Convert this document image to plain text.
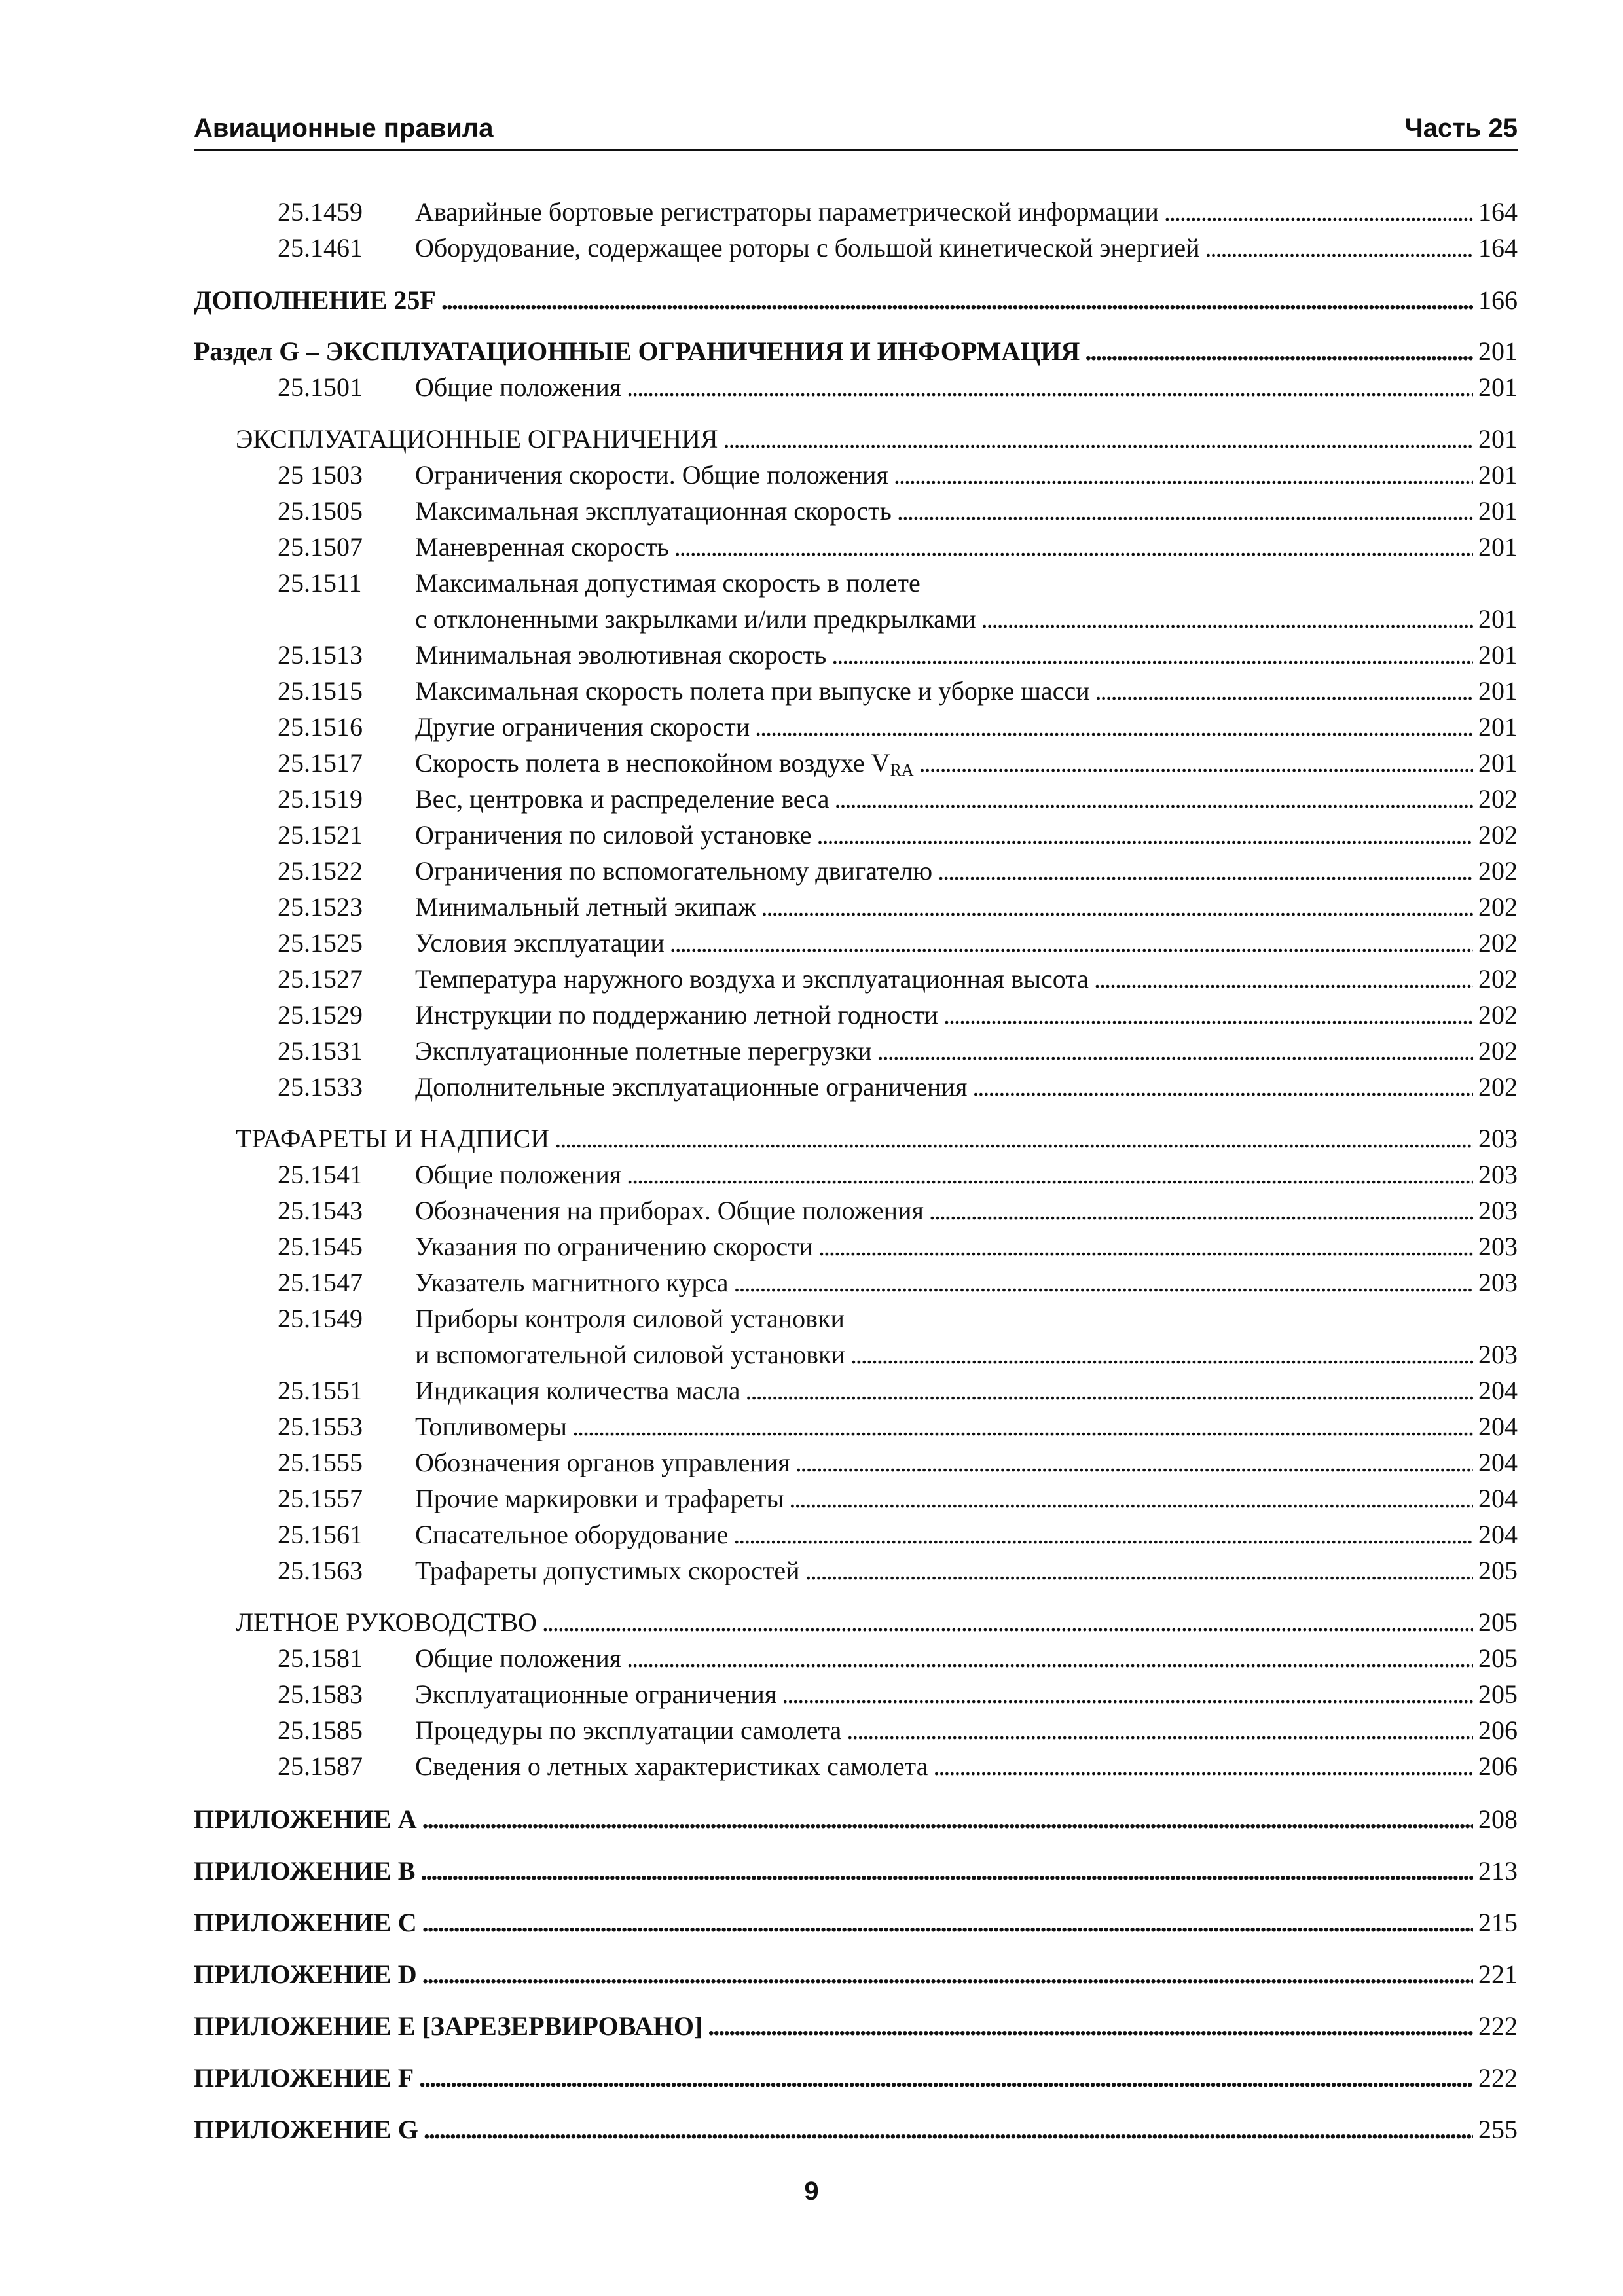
Авиационные правила	Часть 25
25.1459 Аварийные бортовые регистраторы параметрической информации . . .	164
25.1461 Оборудование, содержащее роторы с большой кинетической энергией . . .	164
ДОПОЛНЕНИЕ 25F . . .	166
Раздел G – ЭКСПЛУАТАЦИОННЫЕ ОГРАНИЧЕНИЯ И ИНФОРМАЦИЯ . . .	201
25.1501 Общие положения . . .	201
ЭКСПЛУАТАЦИОННЫЕ ОГРАНИЧЕНИЯ . . .	201
25 1503 Ограничения скорости. Общие положения . . .	201
25.1505 Максимальная эксплуатационная скорость . . .	201
25.1507 Маневренная скорость . . .	201
25.1511 Максимальная допустимая скорость в полете
с отклоненными закрылками и/или предкрылками . . .	201
25.1513 Минимальная эволютивная скорость . . .	201
25.1515 Максимальная скорость полета при выпуске и уборке шасси . . .	201
25.1516 Другие ограничения скорости . . .	201
25.1517 Скорость полета в неспокойном воздухе $V_{RA}$ . . .	201
25.1519 Вес, центровка и распределение веса . . .	202
25.1521 Ограничения по силовой установке . . .	202
25.1522 Ограничения по вспомогательному двигателю . . .	202
25.1523 Минимальный летный экипаж . . .	202
25.1525 Условия эксплуатации . . .	202
25.1527 Температура наружного воздуха и эксплуатационная высота . . .	202
25.1529 Инструкции по поддержанию летной годности . . .	202
25.1531 Эксплуатационные полетные перегрузки . . .	202
25.1533 Дополнительные эксплуатационные ограничения . . .	202
ТРАФАРЕТЫ И НАДПИСИ . . .	203
25.1541 Общие положения . . .	203
25.1543 Обозначения на приборах. Общие положения . . .	203
25.1545 Указания по ограничению скорости . . .	203
25.1547 Указатель магнитного курса . . .	203
25.1549 Приборы контроля силовой установки
и вспомогательной силовой установки . . .	203
25.1551 Индикация количества масла . . .	204
25.1553 Топливомеры . . .	204
25.1555 Обозначения органов управления . . .	204
25.1557 Прочие маркировки и трафареты . . .	204
25.1561 Спасательное оборудование . . .	204
25.1563 Трафареты допустимых скоростей . . .	205
ЛЕТНОЕ РУКОВОДСТВО . . .	205
25.1581 Общие положения . . .	205
25.1583 Эксплуатационные ограничения . . .	205
25.1585 Процедуры по эксплуатации самолета . . .	206
25.1587 Сведения о летных характеристиках самолета . . .	206
ПРИЛОЖЕНИЕ А . . .	208
ПРИЛОЖЕНИЕ В . . .	213
ПРИЛОЖЕНИЕ С . . .	215
ПРИЛОЖЕНИЕ D . . .	221
ПРИЛОЖЕНИЕ Е [ЗАРЕЗЕРВИРОВАНО] . . .	222
ПРИЛОЖЕНИЕ F . . .	222
ПРИЛОЖЕНИЕ G . . .	255
9
